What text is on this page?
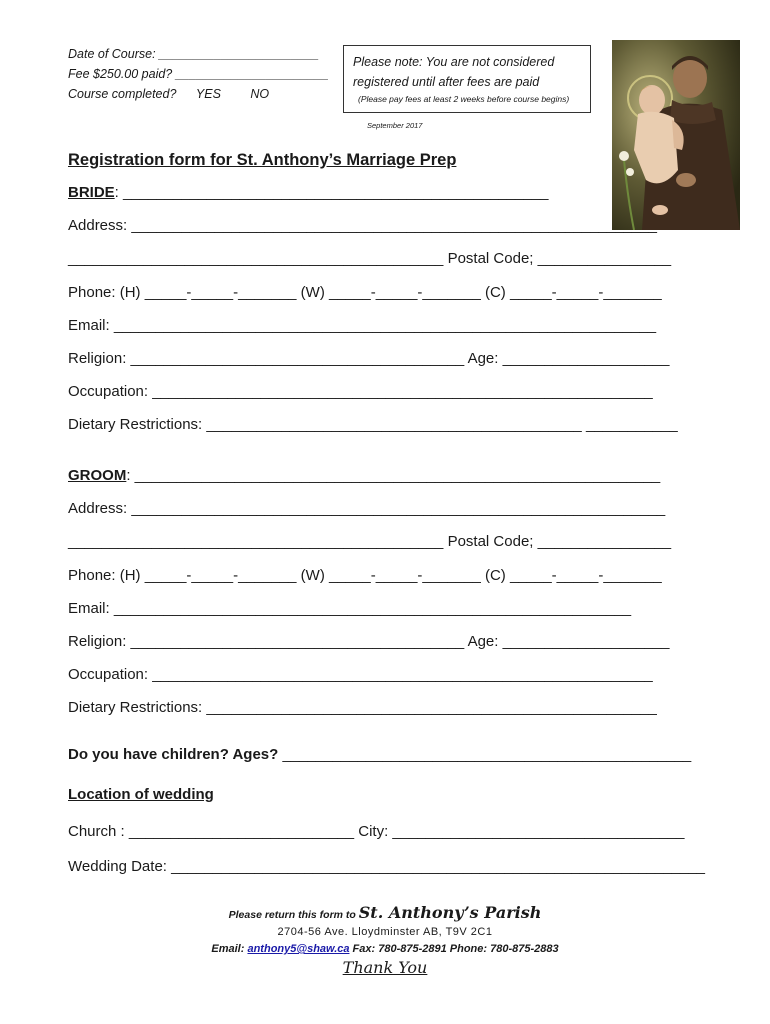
Date of Course: _______________________
Fee $250.00 paid? ______________________
Course completed? YES NO
Please note: You are not considered
registered until after fees are paid
(Please pay fees at least 2 weeks before course begins)
September 2017
Registration form for St. Anthony’s Marriage Prep
BRIDE: ___________________________________________________
Address: _______________________________________________________________
_____________________________________________ Postal Code; ________________
Phone: (H) _____-_____-_______ (W) _____-_____-_______ (C) _____-_____-_______
Email: _________________________________________________________________
Religion: ________________________________________ Age: ____________________
Occupation: ____________________________________________________________
Dietary Restrictions: _____________________________________________ ___________
GROOM: _______________________________________________________________
Address: ________________________________________________________________
_____________________________________________ Postal Code; ________________
Phone: (H) _____-_____-_______ (W) _____-_____-_______ (C) _____-_____-_______
Email: ______________________________________________________________
Religion: ________________________________________ Age: ____________________
Occupation: ____________________________________________________________
Dietary Restrictions: ______________________________________________________
Do you have children? Ages? _________________________________________________
Location of wedding
Church : ___________________________ City: ___________________________________
Wedding Date: ________________________________________________________________
Please return this form to St. Anthony’s Parish
2704-56 Ave. Lloydminster AB, T9V 2C1
Email: anthony5@shaw.ca Fax: 780-875-2891 Phone: 780-875-2883
Thank You
